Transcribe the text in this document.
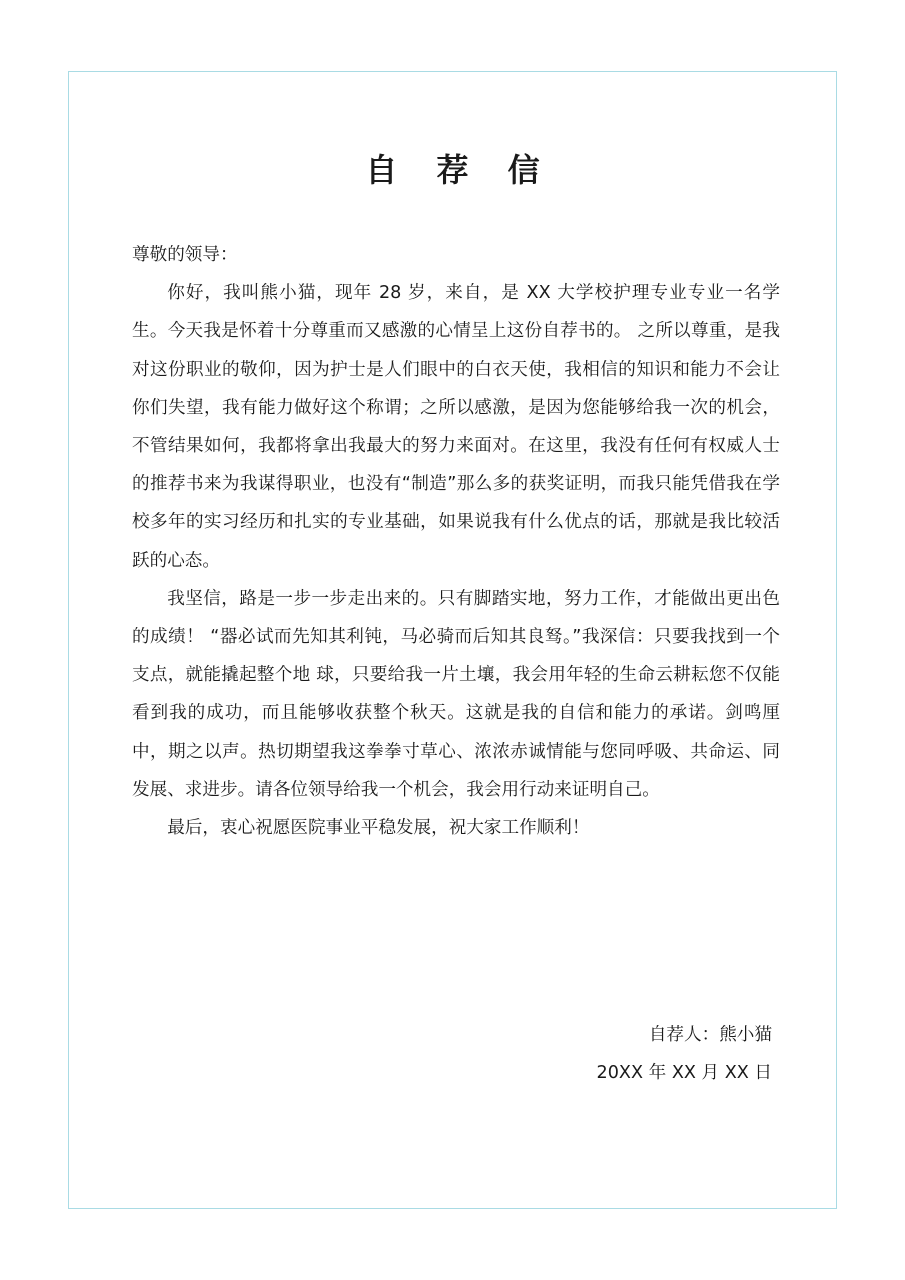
自 荐 信

尊敬的领导：

你好，我叫熊小猫，现年 28 岁，来自，是 XX 大学校护理专业专业一名学生。今天我是怀着十分尊重而又感激的心情呈上这份自荐书的。 之所以尊重，是我对这份职业的敬仰，因为护士是人们眼中的白衣天使，我相信的知识和能力不会让你们失望，我有能力做好这个称谓；之所以感激，是因为您能够给我一次的机会，不管结果如何，我都将拿出我最大的努力来面对。在这里，我没有任何有权威人士的推荐书来为我谋得职业，也没有“制造”那么多的获奖证明，而我只能凭借我在学校多年的实习经历和扎实的专业基础，如果说我有什么优点的话，那就是我比较活跃的心态。

我坚信，路是一步一步走出来的。只有脚踏实地，努力工作，才能做出更出色的成绩！ “器必试而先知其利钝，马必骑而后知其良驽。”我深信：只要我找到一个支点，就能撬起整个地 球，只要给我一片土壤，我会用年轻的生命云耕耘您不仅能看到我的成功，而且能够收获整个秋天。这就是我的自信和能力的承诺。剑鸣厘中，期之以声。热切期望我这拳拳寸草心、浓浓赤诚情能与您同呼吸、共命运、同发展、求进步。请各位领导给我一个机会，我会用行动来证明自己。

最后，衷心祝愿医院事业平稳发展，祝大家工作顺利！

自荐人：熊小猫
20XX 年 XX 月 XX 日
